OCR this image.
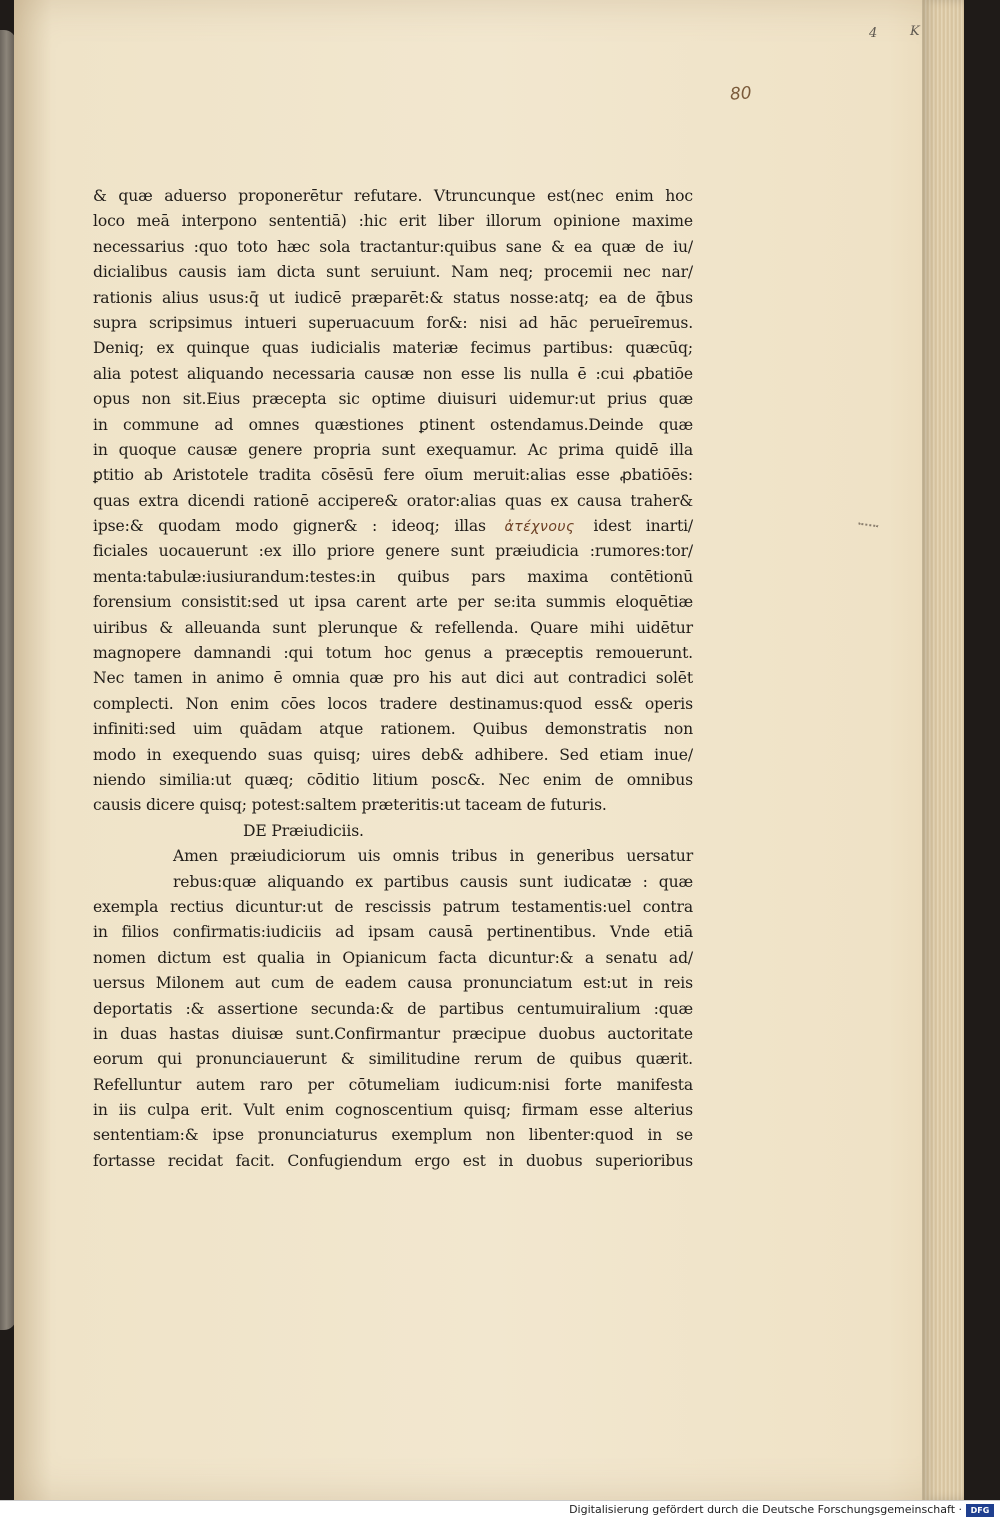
4	K
80
& quæ aduerso proponerētur refutare. Vtruncunque est(nec enim hoc
loco meā interpono sententiā) :hic erit liber illorum opinione maxime
necessarius :quo toto hæc sola tractantur:quibus sane & ea quæ de iu/
dicialibus causis iam dicta sunt seruiunt. Nam neq; procemii nec nar/
rationis alius usus:q̄ ut iudicē præparēt:& status nosse:atq; ea de q̄bus
supra scripsimus intueri superuacuum for&: nisi ad hāc perueīremus.
Deniq; ex quinque quas iudicialis materiæ fecimus partibus: quæcūq;
alia potest aliquando necessaria causæ non esse lis nulla ē :cui ꝓbatiōe
opus non sit.Eius præcepta sic optime diuisuri uidemur:ut prius quæ
in commune ad omnes quæstiones ꝑtinent ostendamus.Deinde quæ
in quoque causæ genere propria sunt exequamur. Ac prima quidē illa
ꝑtitio ab Aristotele tradita cōsēsū fere oīum meruit:alias esse ꝓbatiōēs:
quas extra dicendi rationē accipere& orator:alias quas ex causa traher&
ipse:& quodam modo gigner& : ideoq; illas ἀτέχνους idest inarti/
ficiales uocauerunt :ex illo priore genere sunt præiudicia :rumores:tor/
menta:tabulæ:iusiurandum:testes:in quibus pars maxima contētionū
forensium consistit:sed ut ipsa carent arte per se:ita summis eloquētiæ
uiribus & alleuanda sunt plerunque & refellenda. Quare mihi uidētur
magnopere damnandi :qui totum hoc genus a præceptis remouerunt.
Nec tamen in animo ē omnia quæ pro his aut dici aut contradici solēt
complecti. Non enim cōes locos tradere destinamus:quod ess& operis
infiniti:sed uim quādam atque rationem. Quibus demonstratis non
modo in exequendo suas quisq; uires deb& adhibere. Sed etiam inue/
niendo similia:ut quæq; cōditio litium posc&. Nec enim de omnibus
causis dicere quisq; potest:saltem præteritis:ut taceam de futuris.
DE Præiudiciis.
Amen præiudiciorum uis omnis tribus in generibus uersatur
rebus:quæ aliquando ex partibus causis sunt iudicatæ : quæ
exempla rectius dicuntur:ut de rescissis patrum testamentis:uel contra
in filios confirmatis:iudiciis ad ipsam causā pertinentibus. Vnde etiā
nomen dictum est qualia in Opianicum facta dicuntur:& a senatu ad/
uersus Milonem aut cum de eadem causa pronunciatum est:ut in reis
deportatis :& assertione secunda:& de partibus centumuiralium :quæ
in duas hastas diuisæ sunt.Confirmantur præcipue duobus auctoritate
eorum qui pronunciauerunt & similitudine rerum de quibus quærit.
Refelluntur autem raro per cōtumeliam iudicum:nisi forte manifesta
in iis culpa erit. Vult enim cognoscentium quisq; firmam esse alterius
sententiam:& ipse pronunciaturus exemplum non libenter:quod in se
fortasse recidat facit. Confugiendum ergo est in duobus superioribus
Digitalisierung gefördert durch die Deutsche Forschungsgemeinschaft ·	DFG
